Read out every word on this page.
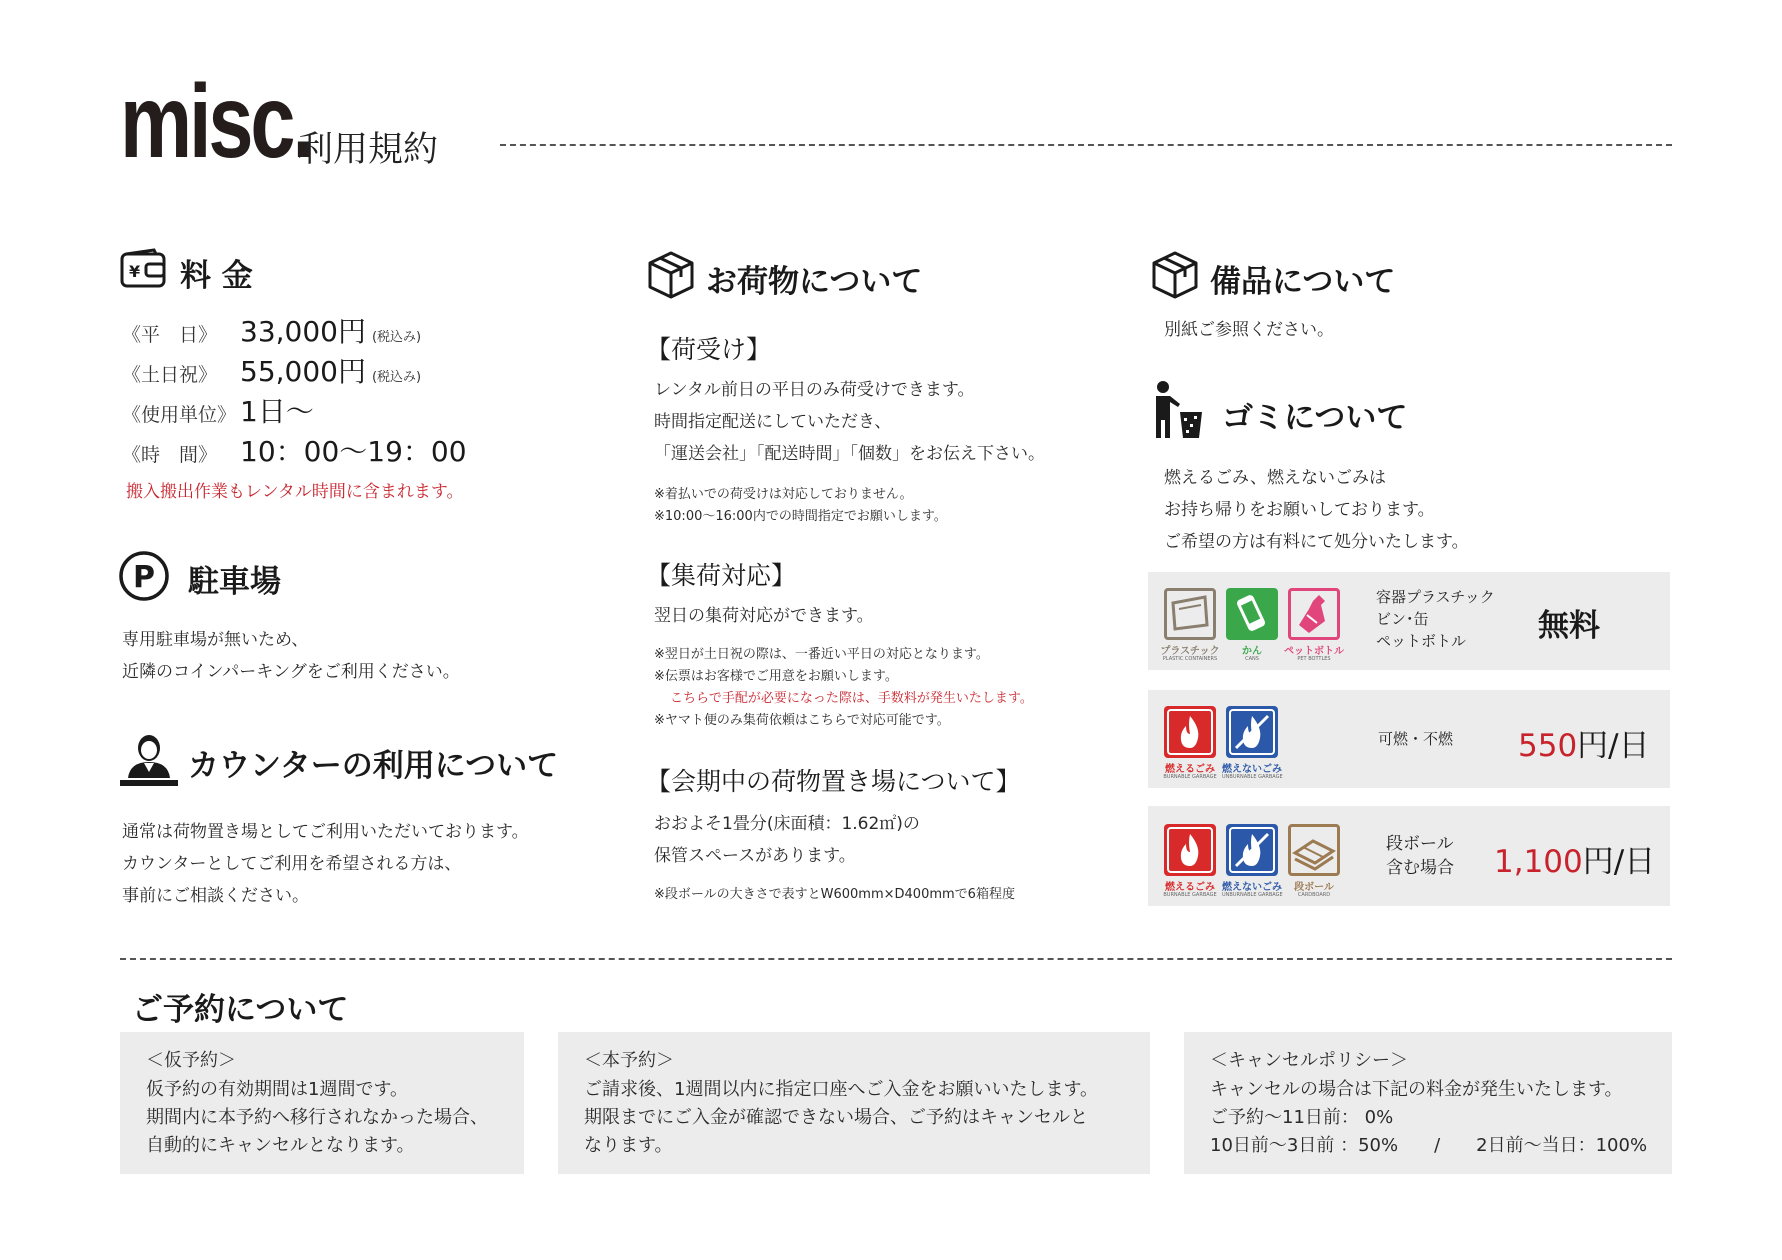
misc.
利用規約
¥ 料 金
《平　日》 33,000円 (税込み)
《土日祝》 55,000円 (税込み)
《使用単位》 1日〜
《時　間》 10：00〜19：00
搬入搬出作業もレンタル時間に含まれます。
P 駐車場
専用駐車場が無いため、
近隣のコインパーキングをご利用ください。
カウンターの利用について
通常は荷物置き場としてご利用いただいております。
カウンターとしてご利用を希望される方は、
事前にご相談ください。
お荷物について
【荷受け】
レンタル前日の平日のみ荷受けできます。
時間指定配送にしていただき、
「運送会社」「配送時間」「個数」をお伝え下さい。
※着払いでの荷受けは対応しておりません。
※10:00〜16:00内での時間指定でお願いします。
【集荷対応】
翌日の集荷対応ができます。
※翌日が土日祝の際は、一番近い平日の対応となります。
※伝票はお客様でご用意をお願いします。
こちらで手配が必要になった際は、手数料が発生いたします。
※ヤマト便のみ集荷依頼はこちらで対応可能です。
【会期中の荷物置き場について】
おおよそ1畳分(床面積：1.62㎡)の
保管スペースがあります。
※段ボールの大きさで表すとW600mm×D400mmで6箱程度
備品について
別紙ご参照ください。
ゴミについて
燃えるごみ、燃えないごみは
お持ち帰りをお願いしております。
ご希望の方は有料にて処分いたします。
プラスチック
PLASTIC CONTAINERS
かん
CANS
ペットボトル
PET BOTTLES
容器プラスチック
ビン･缶
ペットボトル	無料
燃えるごみ
BURNABLE GARBAGE
燃えないごみ
UNBURNABLE GARBAGE
可燃・不燃 550円/日
燃えるごみ
BURNABLE GARBAGE
燃えないごみ
UNBURNABLE GARBAGE
段ボール
CARDBOARD
段ボール
含む場合 1,100円/日
ご予約について
＜仮予約＞
仮予約の有効期間は1週間です。
期間内に本予約へ移行されなかった場合、
自動的にキャンセルとなります。
＜本予約＞
ご請求後、1週間以内に指定口座へご入金をお願いいたします。
期限までにご入金が確認できない場合、ご予約はキャンセルと
なります。
＜キャンセルポリシー＞
キャンセルの場合は下記の料金が発生いたします。
ご予約〜11日前： 0%
10日前〜3日前 ：50%　　/　　2日前〜当日：100%
